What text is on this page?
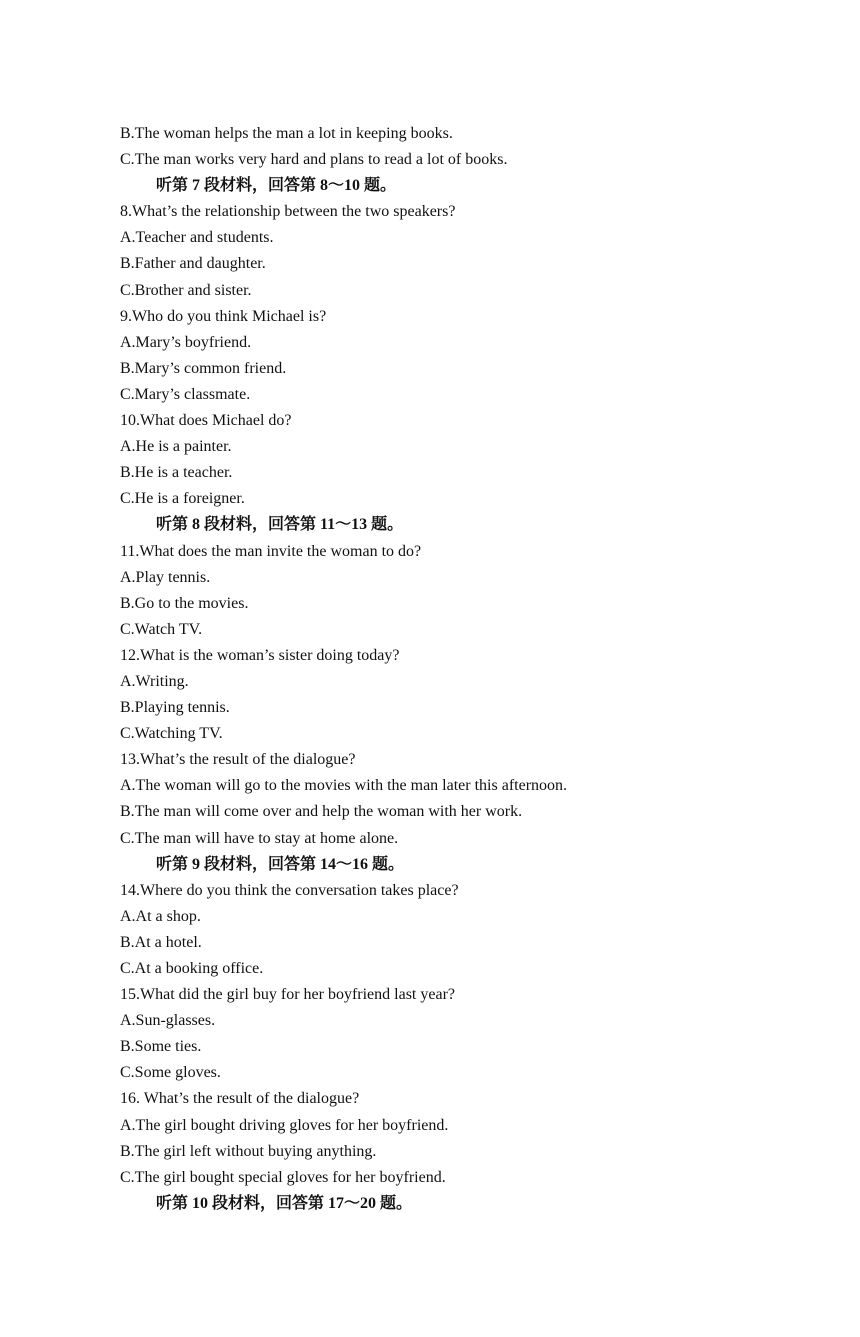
B.The woman helps the man a lot in keeping books.
C.The man works very hard and plans to read a lot of books.
听第 7 段材料，回答第 8～10 题。
8.What’s the relationship between the two speakers?
A.Teacher and students.
B.Father and daughter.
C.Brother and sister.
9.Who do you think Michael is?
A.Mary’s boyfriend.
B.Mary’s common friend.
C.Mary’s classmate.
10.What does Michael do?
A.He is a painter.
B.He is a teacher.
C.He is a foreigner.
听第 8 段材料，回答第 11～13 题。
11.What does the man invite the woman to do?
A.Play tennis.
B.Go to the movies.
C.Watch TV.
12.What is the woman’s sister doing today?
A.Writing.
B.Playing tennis.
C.Watching TV.
13.What’s the result of the dialogue?
A.The woman will go to the movies with the man later this afternoon.
B.The man will come over and help the woman with her work.
C.The man will have to stay at home alone.
听第 9 段材料，回答第 14～16 题。
14.Where do you think the conversation takes place?
A.At a shop.
B.At a hotel.
C.At a booking office.
15.What did the girl buy for her boyfriend last year?
A.Sun-glasses.
B.Some ties.
C.Some gloves.
16. What’s the result of the dialogue?
A.The girl bought driving gloves for her boyfriend.
B.The girl left without buying anything.
C.The girl bought special gloves for her boyfriend.
听第 10 段材料，回答第 17～20 题。
